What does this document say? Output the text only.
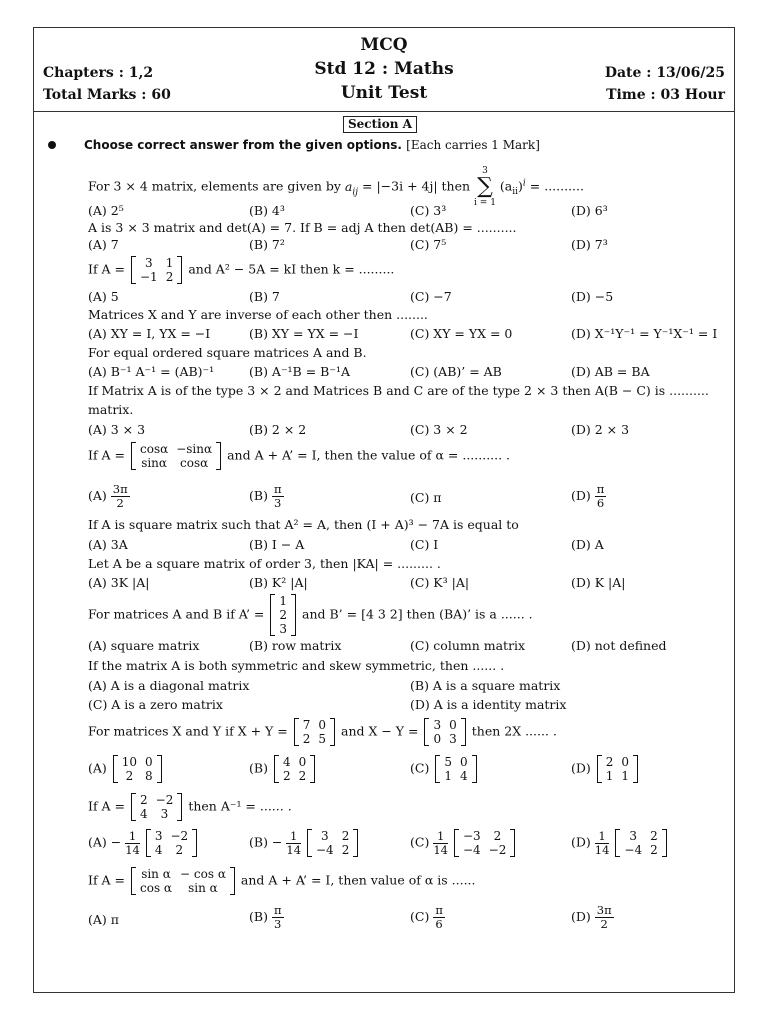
MCQ
Std 12 : Maths
Unit Test
Chapters : 1,2
Total Marks : 60
Date : 13/06/25
Time : 03 Hour
Section A
Choose correct answer from the given options. [Each carries 1 Mark]
For 3 × 4 matrix, elements are given by $a_{ij} = |-3i + 4j|$ then 3
∑
i = 1 $(a_{ii})^i$ = ..........
(A) 2⁵	(B) 4³	(C) 3³	(D) 6³
A is 3 × 3 matrix and det(A) = 7. If B = adj A then det(AB) = ..........
(A) 7	(B) 7²	(C) 7⁵	(D) 7³
If A = 3	1
−1	2
and A² − 5A = kI then k = .........
(A) 5	(B) 7	(C) −7	(D) −5
Matrices X and Y are inverse of each other then ........
(A) XY = I, YX = −I	(B) XY = YX = −I	(C) XY = YX = 0	(D) X⁻¹Y⁻¹ = Y⁻¹X⁻¹ = I
For equal ordered square matrices A and B.
(A) B⁻¹ A⁻¹ = (AB)⁻¹	(B) A⁻¹B = B⁻¹A	(C) (AB)’ = AB	(D) AB = BA
If Matrix A is of the type 3 × 2 and Matrices B and C are of the type 2 × 3 then A(B − C) is ..........
matrix.
(A) 3 × 3	(B) 2 × 2	(C) 3 × 2	(D) 2 × 3
If A = cosα	−sinα
sinα	cosα
and A + A’ = I, then the value of α = .......... .
$(A) \frac{3\pi}{2}$	$(B) \frac{\pi}{3}$	(C) π	$(D) \frac{\pi}{6}$
If A is square matrix such that A² = A, then (I + A)³ − 7A is equal to
(A) 3A	(B) I − A	(C) I	(D) A
Let A be a square matrix of order 3, then |KA| = ......... .
(A) 3K |A|	(B) K² |A|	(C) K³ |A|	(D) K |A|
For matrices A and B if A’ =
1
2
3
and B’ = [4 3 2] then (BA)’ is a ...... .
(A) square matrix	(B) row matrix	(C) column matrix	(D) not defined
If the matrix A is both symmetric and skew symmetric, then ...... .
(A) A is a diagonal matrix	(B) A is a square matrix
(C) A is a zero matrix	(D) A is a identity matrix
For matrices X and Y if X + Y = 7	0
2	5
and X − Y = 3	0
0	3
then 2X ...... .
(A) 10	0
2	8
(B) 4	0
2	2
(C) 5	0
1	4
(D) 2	0
1	1
If A = 2	−2
4	3
then A⁻¹ = ...... .
$(A) - \frac{1}{14}$
3	−2
4	2
$(B) - \frac{1}{14}$
3	2
−4	2
$(C) \frac{1}{14}$
−3	2
−4	−2
$(D) \frac{1}{14}$
3	2
−4	2
If A = sin α	− cos α
cos α	sin α
and A + A’ = I, then value of α is ......
(A) π	$(B) \frac{\pi}{3}$	$(C) \frac{\pi}{6}$	$(D) \frac{3\pi}{2}$
